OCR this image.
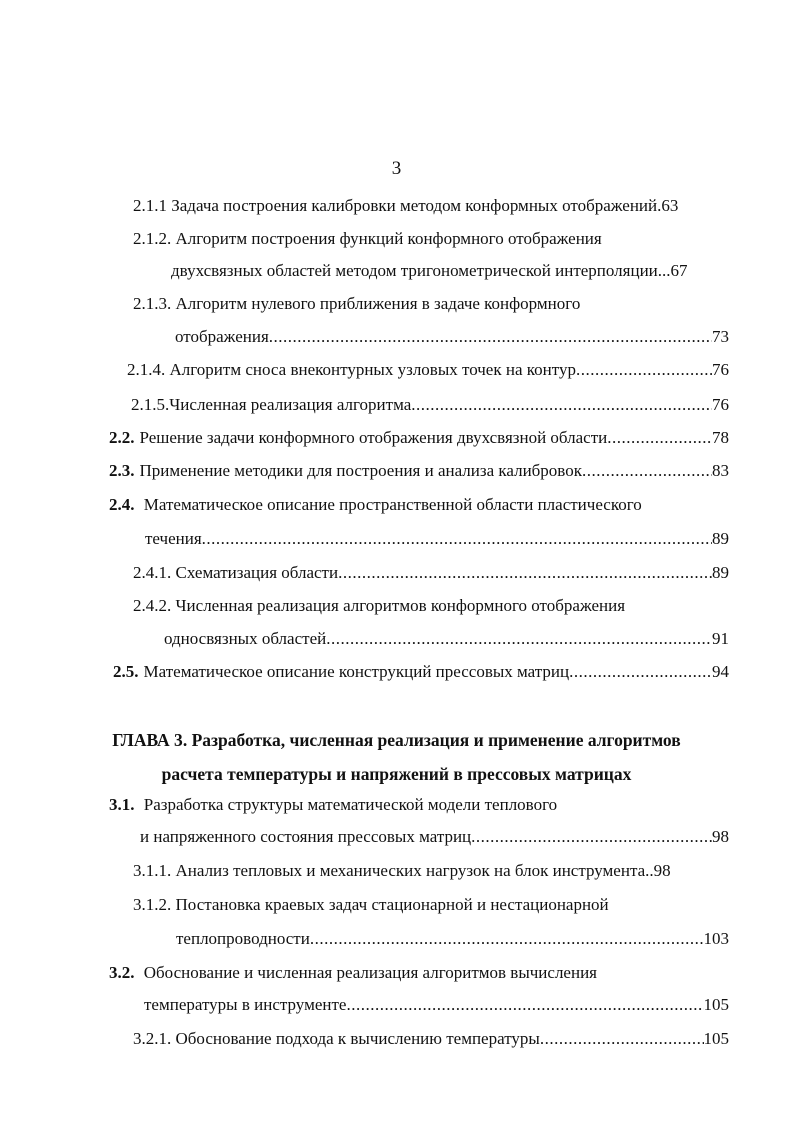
3
2.1.1 Задача построения калибровки методом конформных отображений. 63
2.1.2. Алгоритм построения функций конформного отображения
двухсвязных областей методом тригонометрической интерполяции... 67
2.1.3. Алгоритм нулевого приближения в задаче конформного
отображения .....	73
2.1.4. Алгоритм сноса внеконтурных узловых точек на контур .....	76
2.1.5.Численная реализация алгоритма .....	76
2.2. Решение задачи конформного отображения двухсвязной области .....	78
2.3. Применение методики для построения и анализа калибровок .....	83
2.4. Математическое описание пространственной области пластического
течения .....	89
2.4.1. Схематизация области .....	89
2.4.2. Численная реализация алгоритмов конформного отображения
односвязных областей .....	91
2.5. Математическое описание конструкций прессовых матриц .....	94
ГЛАВА 3. Разработка, численная реализация и применение алгоритмов
расчета температуры и напряжений в прессовых матрицах
3.1. Разработка структуры математической модели теплового
и напряженного состояния прессовых матриц .....	98
3.1.1. Анализ тепловых и механических нагрузок на блок инструмента.. 98
3.1.2. Постановка краевых задач стационарной и нестационарной
теплопроводности .....	103
3.2. Обоснование и численная реализация алгоритмов вычисления
температуры в инструменте .....	105
3.2.1. Обоснование подхода к вычислению температуры .....	105
